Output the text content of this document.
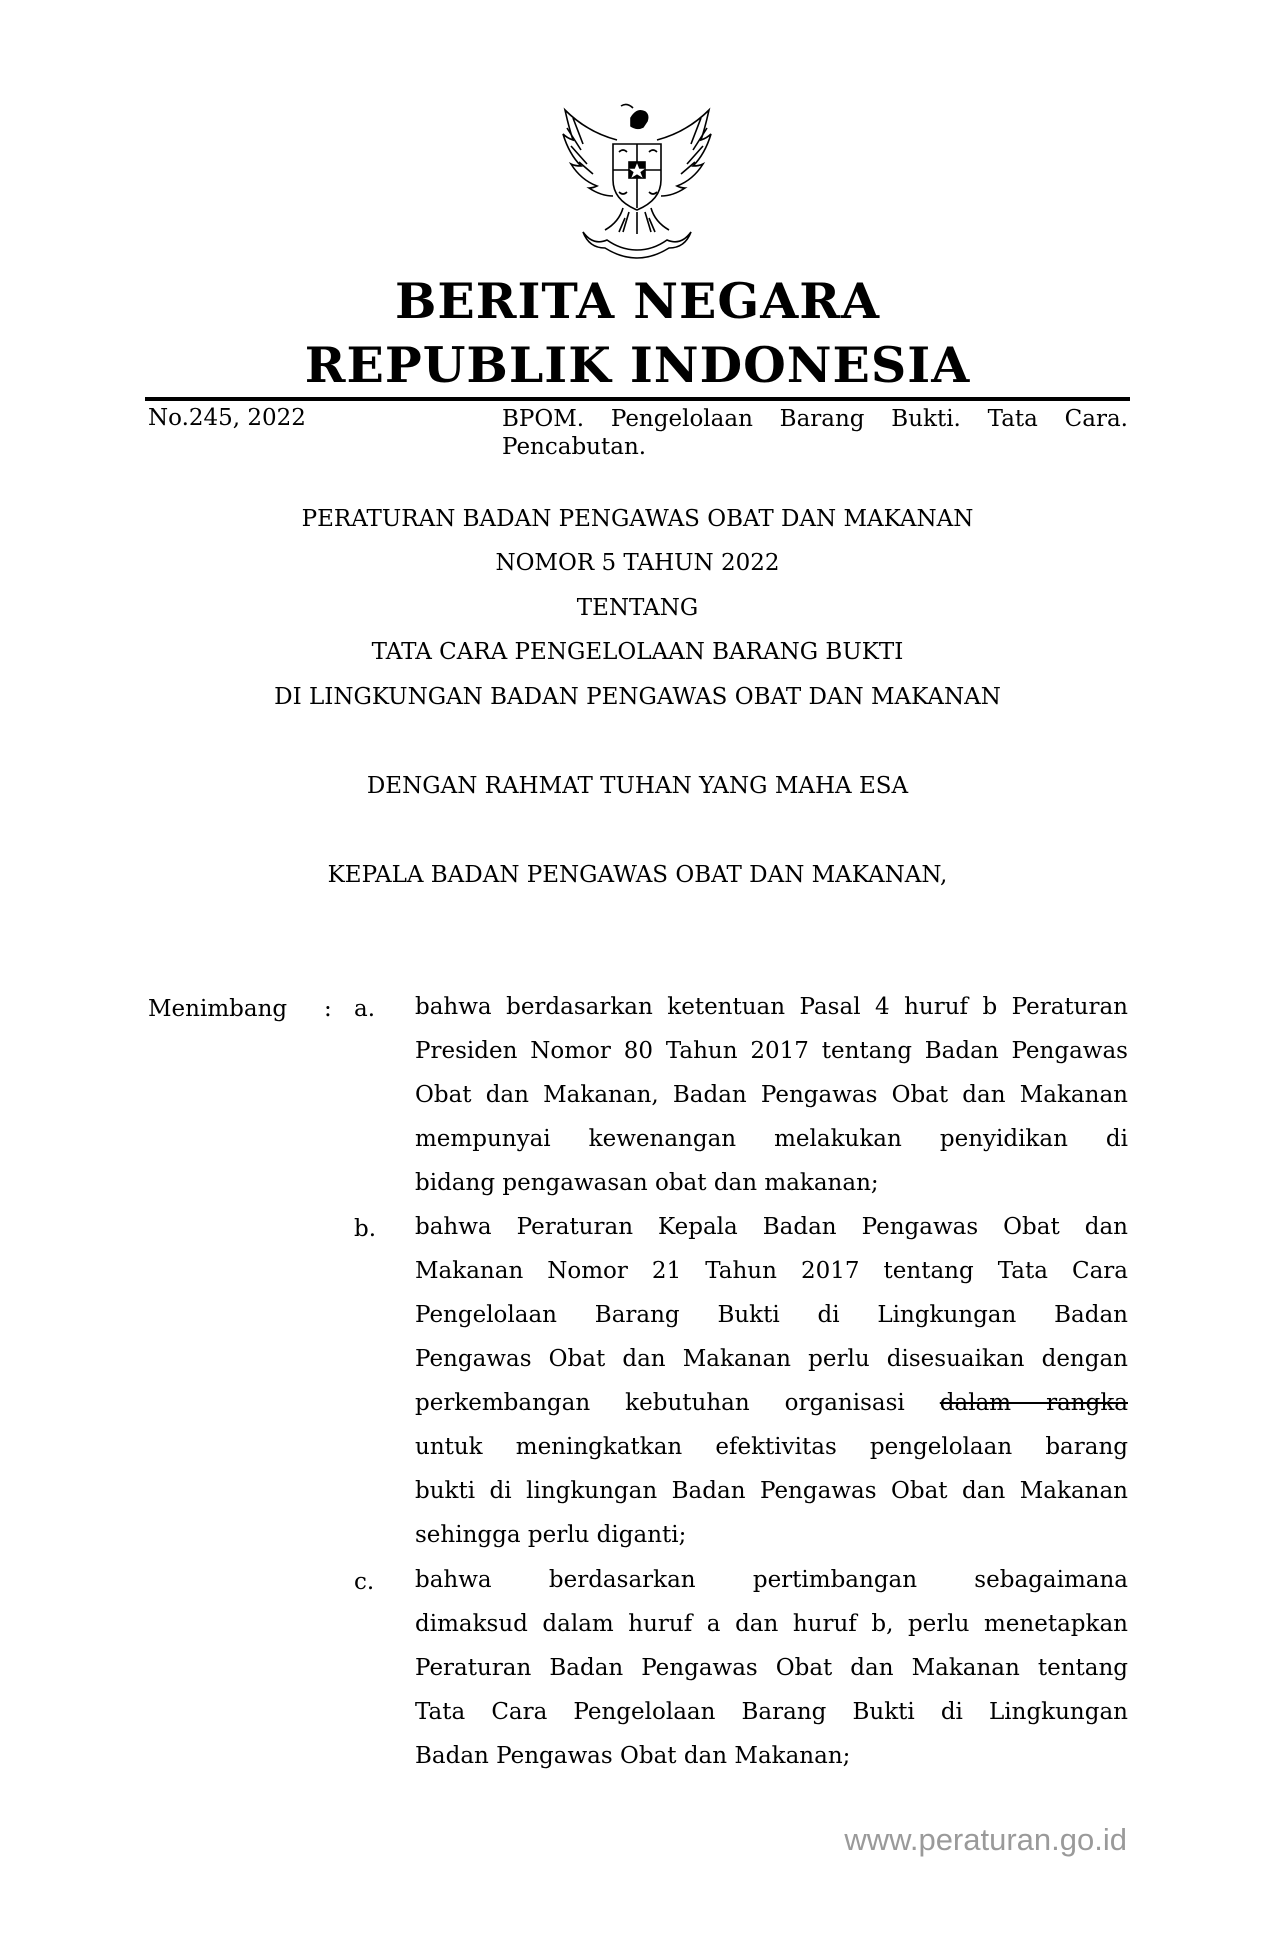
BERITA NEGARA
REPUBLIK INDONESIA
No.245, 2022	BPOM. Pengelolaan Barang Bukti. Tata Cara.
Pencabutan.
PERATURAN BADAN PENGAWAS OBAT DAN MAKANAN
NOMOR 5 TAHUN 2022
TENTANG
TATA CARA PENGELOLAAN BARANG BUKTI
DI LINGKUNGAN BADAN PENGAWAS OBAT DAN MAKANAN
DENGAN RAHMAT TUHAN YANG MAHA ESA
KEPALA BADAN PENGAWAS OBAT DAN MAKANAN,
Menimbang : a. bahwa berdasarkan ketentuan Pasal 4 huruf b Peraturan
Presiden Nomor 80 Tahun 2017 tentang Badan Pengawas
Obat dan Makanan, Badan Pengawas Obat dan Makanan
mempunyai kewenangan melakukan penyidikan di
bidang pengawasan obat dan makanan;
b. bahwa Peraturan Kepala Badan Pengawas Obat dan
Makanan Nomor 21 Tahun 2017 tentang Tata Cara
Pengelolaan Barang Bukti di Lingkungan Badan
Pengawas Obat dan Makanan perlu disesuaikan dengan
perkembangan kebutuhan organisasi dalam rangka
untuk meningkatkan efektivitas pengelolaan barang
bukti di lingkungan Badan Pengawas Obat dan Makanan
sehingga perlu diganti;
c. bahwa berdasarkan pertimbangan sebagaimana
dimaksud dalam huruf a dan huruf b, perlu menetapkan
Peraturan Badan Pengawas Obat dan Makanan tentang
Tata Cara Pengelolaan Barang Bukti di Lingkungan
Badan Pengawas Obat dan Makanan;
www.peraturan.go.id
